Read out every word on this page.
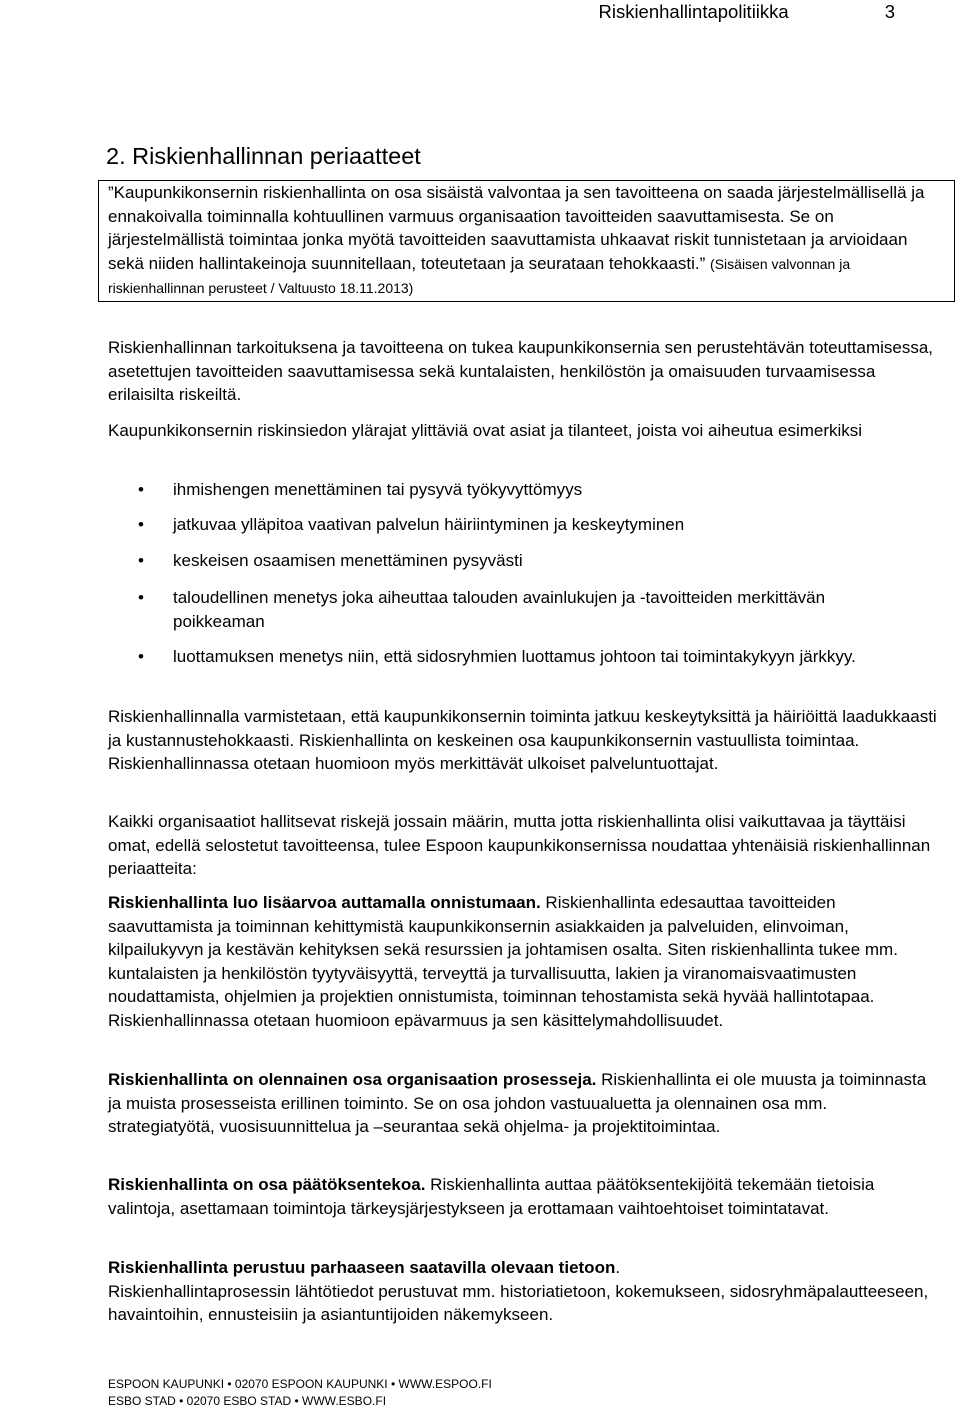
Riskienhallintapolitiikka	3
2. Riskienhallinnan periaatteet
”Kaupunkikonsernin riskienhallinta on osa sisäistä valvontaa ja sen tavoitteena on saada järjestelmällisellä ja ennakoivalla toiminnalla kohtuullinen varmuus organisaation tavoitteiden saavuttamisesta. Se on järjestelmällistä toimintaa jonka myötä tavoitteiden saavuttamista uhkaavat riskit tunnistetaan ja arvioidaan sekä niiden hallintakeinoja suunnitellaan, toteutetaan ja seurataan tehokkaasti.” (Sisäisen valvonnan ja riskienhallinnan perusteet / Valtuusto 18.11.2013)

Riskienhallinnan tarkoituksena ja tavoitteena on tukea kaupunkikonsernia sen perustehtävän toteuttamisessa, asetettujen tavoitteiden saavuttamisessa sekä kuntalaisten, henkilöstön ja omaisuuden turvaamisessa erilaisilta riskeiltä.

Kaupunkikonsernin riskinsiedon ylärajat ylittäviä ovat asiat ja tilanteet, joista voi aiheutua esimerkiksi

• ihmishengen menettäminen tai pysyvä työkyvyttömyys
• jatkuvaa ylläpitoa vaativan palvelun häiriintyminen ja keskeytyminen
• keskeisen osaamisen menettäminen pysyvästi
• taloudellinen menetys joka aiheuttaa talouden avainlukujen ja -tavoitteiden merkittävän poikkeaman
• luottamuksen menetys niin, että sidosryhmien luottamus johtoon tai toimintakykyyn järkkyy.

Riskienhallinnalla varmistetaan, että kaupunkikonsernin toiminta jatkuu keskeytyksittä ja häiriöittä laadukkaasti ja kustannustehokkaasti. Riskienhallinta on keskeinen osa kaupunkikonsernin vastuullista toimintaa. Riskienhallinnassa otetaan huomioon myös merkittävät ulkoiset palveluntuottajat.

Kaikki organisaatiot hallitsevat riskejä jossain määrin, mutta jotta riskienhallinta olisi vaikuttavaa ja täyttäisi omat, edellä selostetut tavoitteensa, tulee Espoon kaupunkikonsernissa noudattaa yhtenäisiä riskienhallinnan periaatteita:

Riskienhallinta luo lisäarvoa auttamalla onnistumaan. Riskienhallinta edesauttaa tavoitteiden saavuttamista ja toiminnan kehittymistä kaupunkikonsernin asiakkaiden ja palveluiden, elinvoiman, kilpailukyvyn ja kestävän kehityksen sekä resurssien ja johtamisen osalta. Siten riskienhallinta tukee mm. kuntalaisten ja henkilöstön tyytyväisyyttä, terveyttä ja turvallisuutta, lakien ja viranomaisvaatimusten noudattamista, ohjelmien ja projektien onnistumista, toiminnan tehostamista sekä hyvää hallintotapaa. Riskienhallinnassa otetaan huomioon epävarmuus ja sen käsittelymahdollisuudet.

Riskienhallinta on olennainen osa organisaation prosesseja. Riskienhallinta ei ole muusta ja toiminnasta ja muista prosesseista erillinen toiminto. Se on osa johdon vastuualuetta ja olennainen osa mm. strategiatyötä, vuosisuunnittelua ja –seurantaa sekä ohjelma- ja projektitoimintaa.

Riskienhallinta on osa päätöksentekoa. Riskienhallinta auttaa päätöksentekijöitä tekemään tietoisia valintoja, asettamaan toimintoja tärkeysjärjestykseen ja erottamaan vaihtoehtoiset toimintatavat.

Riskienhallinta perustuu parhaaseen saatavilla olevaan tietoon.

Riskienhallintaprosessin lähtötiedot perustuvat mm. historiatietoon, kokemukseen, sidosryhmäpalautteeseen, havaintoihin, ennusteisiin ja asiantuntijoiden näkemykseen.

ESPOON KAUPUNKI • 02070 ESPOON KAUPUNKI • WWW.ESPOO.FI
ESBO STAD • 02070 ESBO STAD • WWW.ESBO.FI
